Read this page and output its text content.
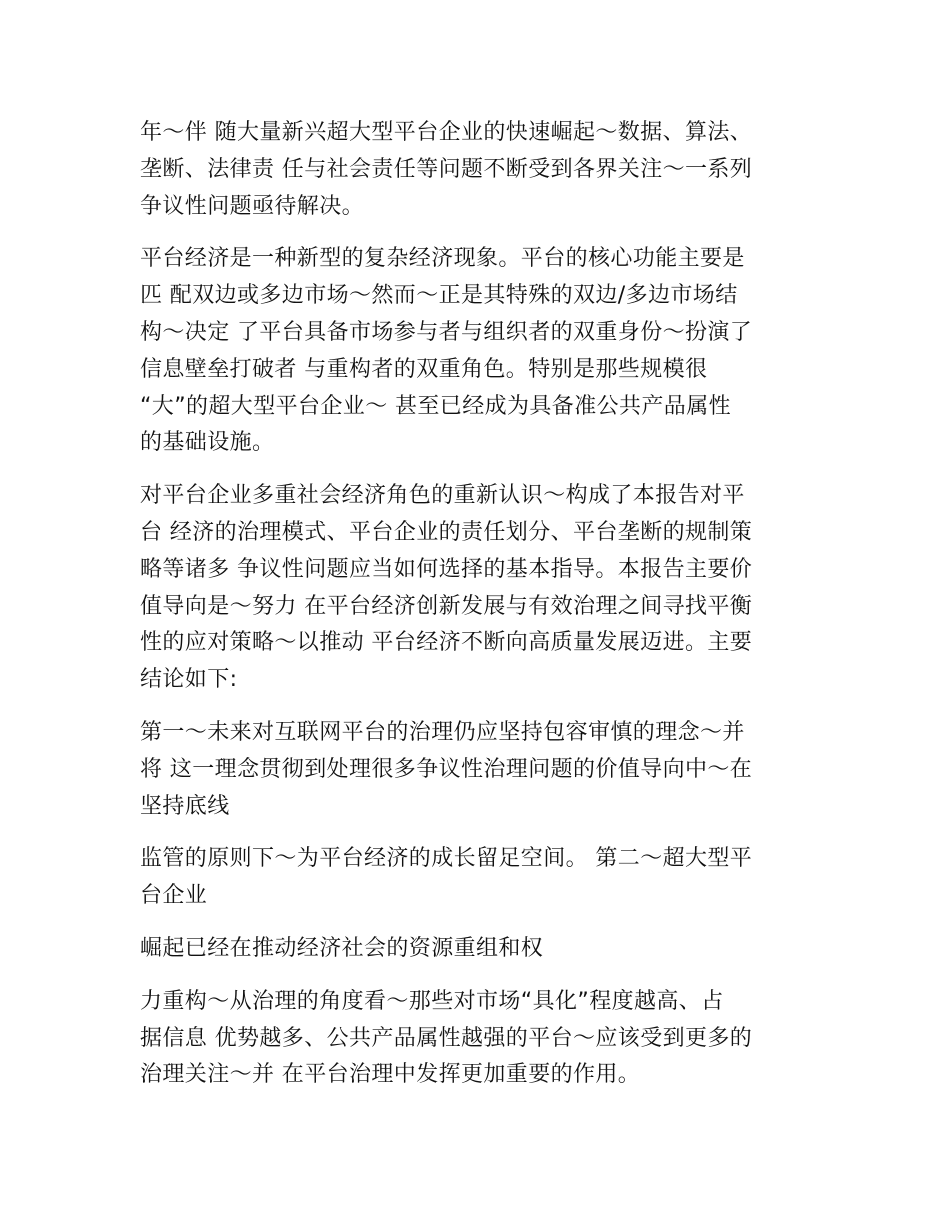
年～伴 随大量新兴超大型平台企业的快速崛起～数据、算法、
垄断、法律责 任与社会责任等问题不断受到各界关注～一系列
争议性问题亟待解决。
平台经济是一种新型的复杂经济现象。平台的核心功能主要是
匹 配双边或多边市场～然而～正是其特殊的双边/多边市场结
构～决定 了平台具备市场参与者与组织者的双重身份～扮演了
信息壁垒打破者 与重构者的双重角色。特别是那些规模很
“大”的超大型平台企业～ 甚至已经成为具备准公共产品属性
的基础设施。
对平台企业多重社会经济角色的重新认识～构成了本报告对平
台 经济的治理模式、平台企业的责任划分、平台垄断的规制策
略等诸多 争议性问题应当如何选择的基本指导。本报告主要价
值导向是～努力 在平台经济创新发展与有效治理之间寻找平衡
性的应对策略～以推动 平台经济不断向高质量发展迈进。主要
结论如下:
第一～未来对互联网平台的治理仍应坚持包容审慎的理念～并
将 这一理念贯彻到处理很多争议性治理问题的价值导向中～在
坚持底线
监管的原则下～为平台经济的成长留足空间。 第二～超大型平
台企业
崛起已经在推动经济社会的资源重组和权
力重构～从治理的角度看～那些对市场“具化”程度越高、占
据信息 优势越多、公共产品属性越强的平台～应该受到更多的
治理关注～并 在平台治理中发挥更加重要的作用。
